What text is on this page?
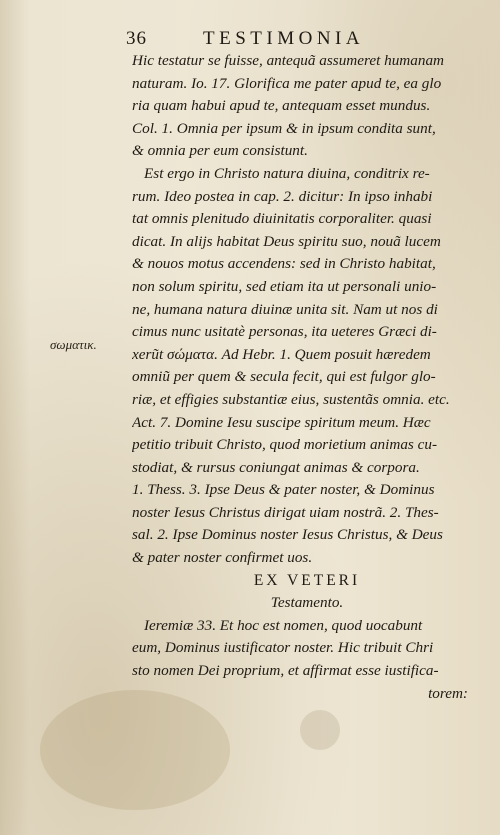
36	TESTIMONIA
σωματικ.
Hic testatur se fuisse, antequã assumeret humanam
naturam. Io. 17. Glorifica me pater apud te, ea glo
ria quam habui apud te, antequam esset mundus.
Col. 1. Omnia per ipsum & in ipsum condita sunt,
& omnia per eum consistunt.
Est ergo in Christo natura diuina, conditrix re-
rum. Ideo postea in cap. 2. dicitur: In ipso inhabi
tat omnis plenitudo diuinitatis corporaliter. quasi
dicat. In alijs habitat Deus spiritu suo, nouã lucem
& nouos motus accendens: sed in Christo habitat,
non solum spiritu, sed etiam ita ut personali unio-
ne, humana natura diuinæ unita sit. Nam ut nos di
cimus nunc usitatè personas, ita ueteres Græci di-
xerũt σώματα. Ad Hebr. 1. Quem posuit hæredem
omniũ per quem & secula fecit, qui est fulgor glo-
riæ, et effigies substantiæ eius, sustentãs omnia. etc.
Act. 7. Domine Iesu suscipe spiritum meum. Hæc
petitio tribuit Christo, quod morietium animas cu-
stodiat, & rursus coniungat animas & corpora.
1. Thess. 3. Ipse Deus & pater noster, & Dominus
noster Iesus Christus dirigat uiam nostrã. 2. Thes-
sal. 2. Ipse Dominus noster Iesus Christus, & Deus
& pater noster confirmet uos.
EX VETERI
Testamento.
Ieremiæ 33. Et hoc est nomen, quod uocabunt
eum, Dominus iustificator noster. Hic tribuit Chri
sto nomen Dei proprium, et affirmat esse iustifica-
torem:
